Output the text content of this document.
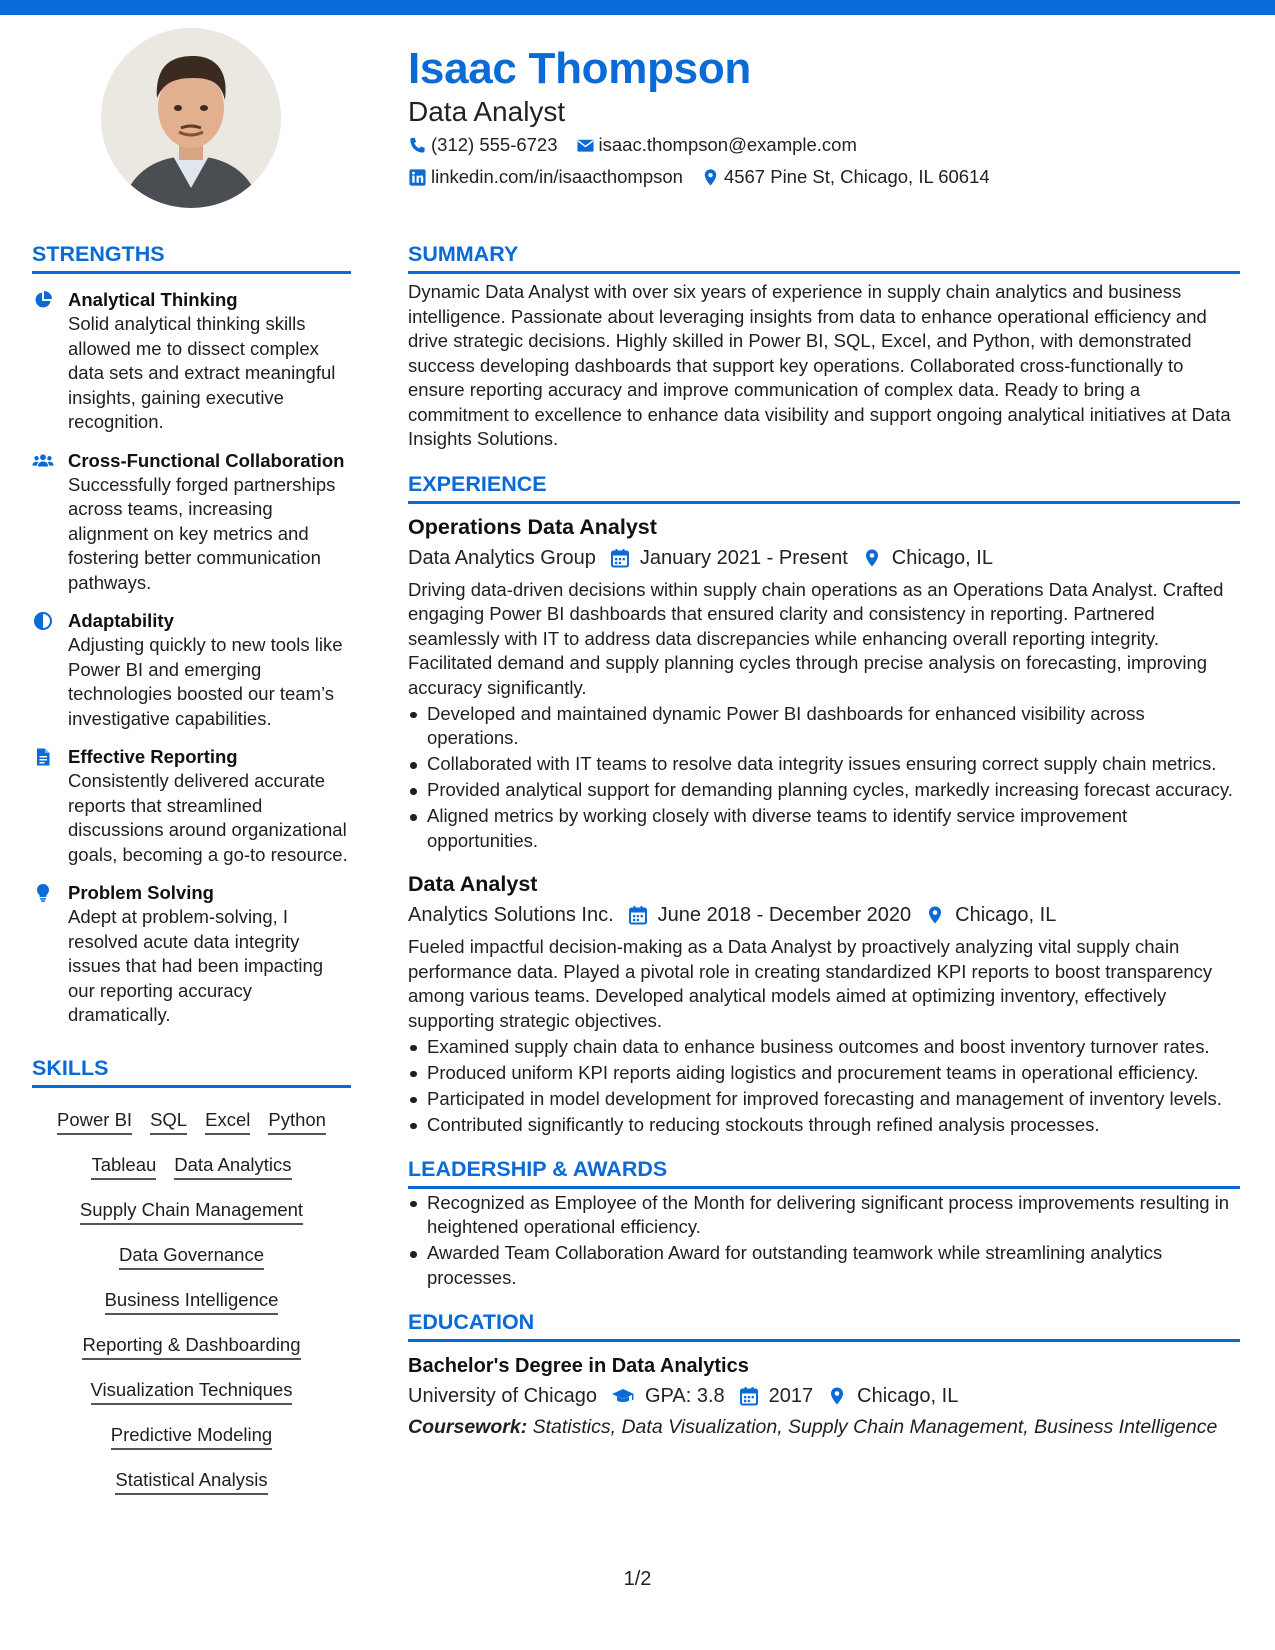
Isaac Thompson
Data Analyst
(312) 555-6723 isaac.thompson@example.com
linkedin.com/in/isaacthompson 4567 Pine St, Chicago, IL 60614
STRENGTHS
Analytical Thinking
Solid analytical thinking skills allowed me to dissect complex data sets and extract meaningful insights, gaining executive recognition.
Cross-Functional Collaboration
Successfully forged partnerships across teams, increasing alignment on key metrics and fostering better communication pathways.
Adaptability
Adjusting quickly to new tools like Power BI and emerging technologies boosted our team’s investigative capabilities.
Effective Reporting
Consistently delivered accurate reports that streamlined discussions around organizational goals, becoming a go-to resource.
Problem Solving
Adept at problem-solving, I resolved acute data integrity issues that had been impacting our reporting accuracy dramatically.
SKILLS
Power BI SQL Excel Python
Tableau Data Analytics
Supply Chain Management
Data Governance
Business Intelligence
Reporting & Dashboarding
Visualization Techniques
Predictive Modeling
Statistical Analysis
SUMMARY
Dynamic Data Analyst with over six years of experience in supply chain analytics and business intelligence. Passionate about leveraging insights from data to enhance operational efficiency and drive strategic decisions. Highly skilled in Power BI, SQL, Excel, and Python, with demonstrated success developing dashboards that support key operations. Collaborated cross-functionally to ensure reporting accuracy and improve communication of complex data. Ready to bring a commitment to excellence to enhance data visibility and support ongoing analytical initiatives at Data Insights Solutions.
EXPERIENCE
Operations Data Analyst
Data Analytics Group January 2021 - Present Chicago, IL
Driving data-driven decisions within supply chain operations as an Operations Data Analyst. Crafted engaging Power BI dashboards that ensured clarity and consistency in reporting. Partnered seamlessly with IT to address data discrepancies while enhancing overall reporting integrity. Facilitated demand and supply planning cycles through precise analysis on forecasting, improving accuracy significantly.
Developed and maintained dynamic Power BI dashboards for enhanced visibility across operations.
Collaborated with IT teams to resolve data integrity issues ensuring correct supply chain metrics.
Provided analytical support for demanding planning cycles, markedly increasing forecast accuracy.
Aligned metrics by working closely with diverse teams to identify service improvement opportunities.
Data Analyst
Analytics Solutions Inc. June 2018 - December 2020 Chicago, IL
Fueled impactful decision-making as a Data Analyst by proactively analyzing vital supply chain performance data. Played a pivotal role in creating standardized KPI reports to boost transparency among various teams. Developed analytical models aimed at optimizing inventory, effectively supporting strategic objectives.
Examined supply chain data to enhance business outcomes and boost inventory turnover rates.
Produced uniform KPI reports aiding logistics and procurement teams in operational efficiency.
Participated in model development for improved forecasting and management of inventory levels.
Contributed significantly to reducing stockouts through refined analysis processes.
LEADERSHIP & AWARDS
Recognized as Employee of the Month for delivering significant process improvements resulting in heightened operational efficiency.
Awarded Team Collaboration Award for outstanding teamwork while streamlining analytics processes.
EDUCATION
Bachelor's Degree in Data Analytics
University of Chicago GPA: 3.8 2017 Chicago, IL
Coursework: Statistics, Data Visualization, Supply Chain Management, Business Intelligence
1/2
